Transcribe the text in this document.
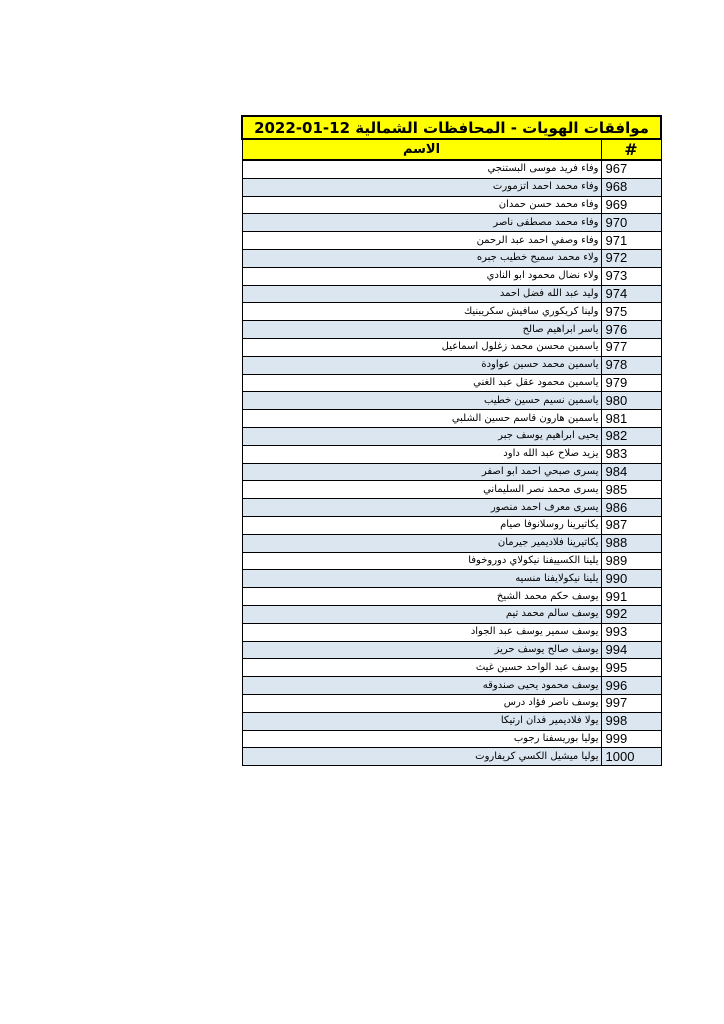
موافقات الهويات - المحافظات الشمالية 12-01-2022	
#	الاسم
967	وفاء فريد موسى البستنجي
968	وفاء محمد احمد اتزمورت
969	وفاء محمد حسن حمدان
970	وفاء محمد مصطفى ناصر
971	وفاء وصفي احمد عبد الرحمن
972	ولاء محمد سميح خطيب جبره
973	ولاء نضال محمود ابو النادي
974	وليد عبد الله فضل احمد
975	ولينا كريكوري سافيش سكريبنيك
976	ياسر ابراهيم صالح
977	ياسمين محسن محمد زغلول اسماعيل
978	ياسمين محمد حسين عواودة
979	ياسمين محمود عقل عبد الغني
980	ياسمين نسيم حسين خطيب
981	ياسمين هارون قاسم حسين الشلبي
982	يحيى ابراهيم يوسف جبر
983	يزيد صلاح عبد الله داود
984	يسرى صبحي احمد ابو اصفر
985	يسرى محمد نصر السليماني
986	يسرى معرف احمد منصور
987	يكاتيرينا روسلانوفا صيام
988	يكاتيرينا فلاديمير جيرمان
989	يلينا الكسييفنا نيكولاي دوروخوفا
990	يلينا نيكولايفنا منسيه
991	يوسف حكم محمد الشيخ
992	يوسف سالم محمد تيم
993	يوسف سمير يوسف عبد الجواد
994	يوسف صالح يوسف حريز
995	يوسف عبد الواحد حسين غيث
996	يوسف محمود يحيى صندوقه
997	يوسف ناصر فؤاد درس
998	يولا فلاديمير فدان ارتيكا
999	يوليا بوريسفنا رجوب
1000	يوليا ميشيل الكسي كريفاروت
